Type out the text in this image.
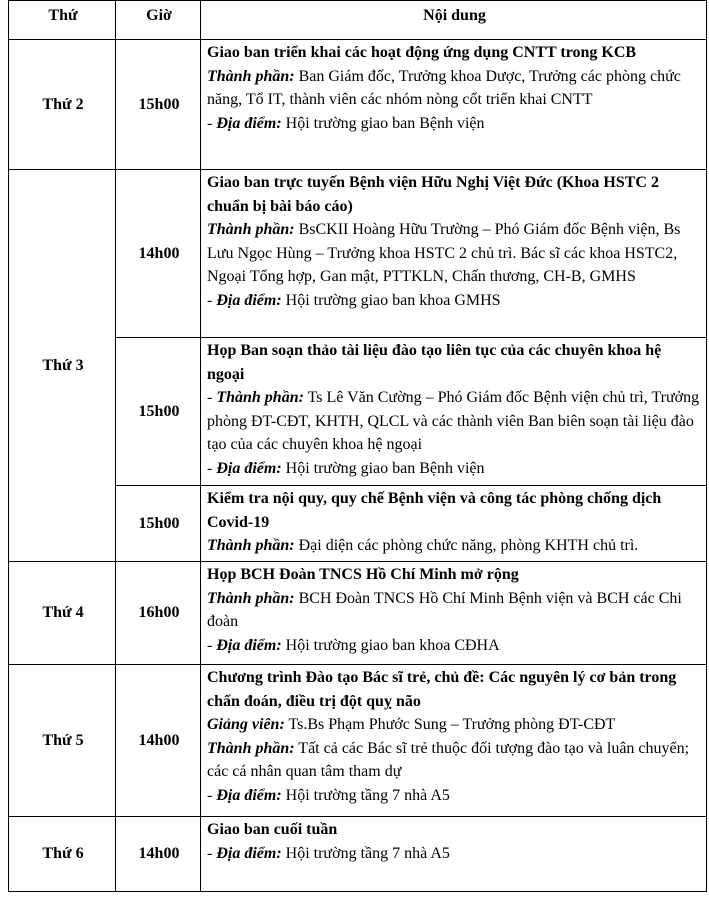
Thứ	Giờ	Nội dung
Thứ 2	15h00	Giao ban triển khai các hoạt động ứng dụng CNTT trong KCB
Thành phần: Ban Giám đốc, Trưởng khoa Dược, Trưởng các phòng chức năng, Tổ IT, thành viên các nhóm nòng cốt triển khai CNTT
- Địa điểm: Hội trường giao ban Bệnh viện

Thứ 3	14h00	Giao ban trực tuyến Bệnh viện Hữu Nghị Việt Đức (Khoa HSTC 2 chuẩn bị bài báo cáo)
Thành phần: BsCKII Hoàng Hữu Trường – Phó Giám đốc Bệnh viện, Bs Lưu Ngọc Hùng – Trưởng khoa HSTC 2 chủ trì. Bác sĩ các khoa HSTC2, Ngoại Tổng hợp, Gan mật, PTTKLN, Chấn thương, CH-B, GMHS
- Địa điểm: Hội trường giao ban khoa GMHS

	15h00	Họp Ban soạn thảo tài liệu đào tạo liên tục của các chuyên khoa hệ ngoại
- Thành phần: Ts Lê Văn Cường – Phó Giám đốc Bệnh viện chủ trì, Trưởng phòng ĐT-CĐT, KHTH, QLCL và các thành viên Ban biên soạn tài liệu đào tạo của các chuyên khoa hệ ngoại
- Địa điểm: Hội trường giao ban Bệnh viện

	15h00	Kiểm tra nội quy, quy chế Bệnh viện và công tác phòng chống dịch Covid-19
Thành phần: Đại diện các phòng chức năng, phòng KHTH chủ trì.

Thứ 4	16h00	Họp BCH Đoàn TNCS Hồ Chí Minh mở rộng
Thành phần: BCH Đoàn TNCS Hồ Chí Minh Bệnh viện và BCH các Chi đoàn
- Địa điểm: Hội trường giao ban khoa CĐHA

Thứ 5	14h00	Chương trình Đào tạo Bác sĩ trẻ, chủ đề: Các nguyên lý cơ bản trong chẩn đoán, điều trị đột quỵ não
Giảng viên: Ts.Bs Phạm Phước Sung – Trưởng phòng ĐT-CĐT
Thành phần: Tất cả các Bác sĩ trẻ thuộc đối tượng đào tạo và luân chuyển; các cá nhân quan tâm tham dự
- Địa điểm: Hội trường tầng 7 nhà A5

Thứ 6	14h00	Giao ban cuối tuần
- Địa điểm: Hội trường tầng 7 nhà A5
